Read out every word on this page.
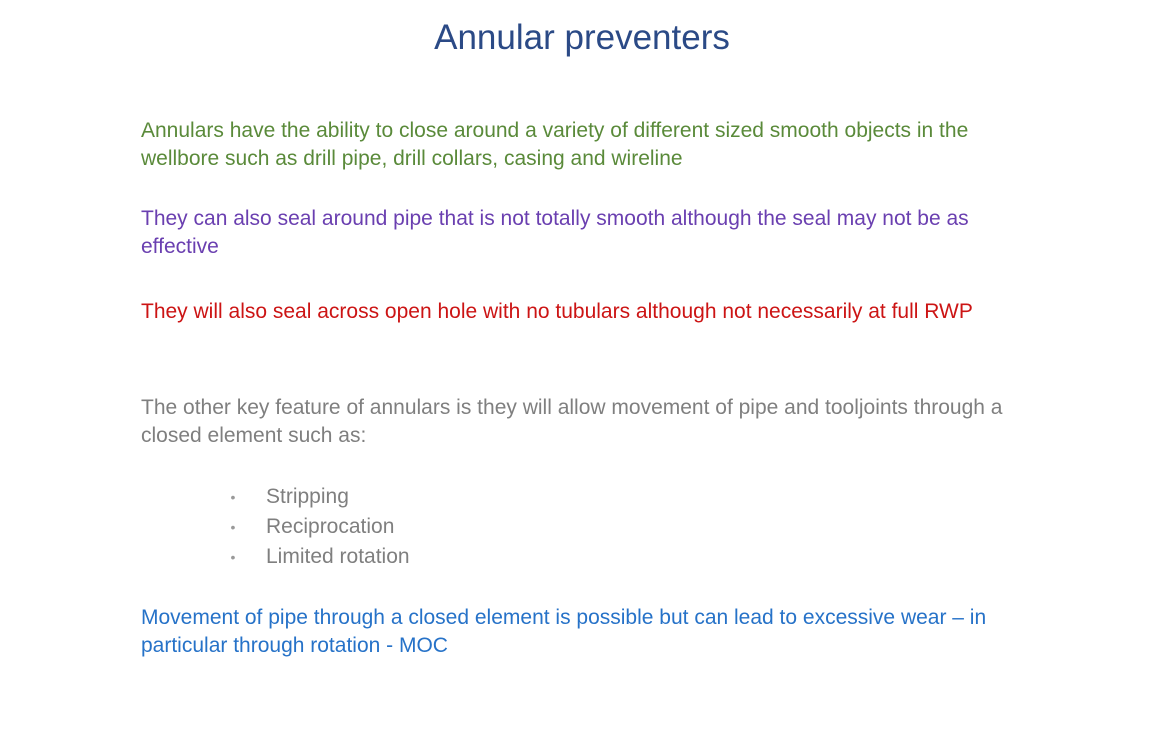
Annular preventers

Annulars have the ability to close around a variety of different sized smooth objects in the wellbore such as drill pipe, drill collars, casing and wireline

They can also seal around pipe that is not totally smooth although the seal may not be as effective

They will also seal across open hole with no tubulars although not necessarily at full RWP

The other key feature of annulars is they will allow movement of pipe and tooljoints through a closed element such as:

• Stripping
• Reciprocation
• Limited rotation

Movement of pipe through a closed element is possible but can lead to excessive wear – in particular through rotation - MOC
